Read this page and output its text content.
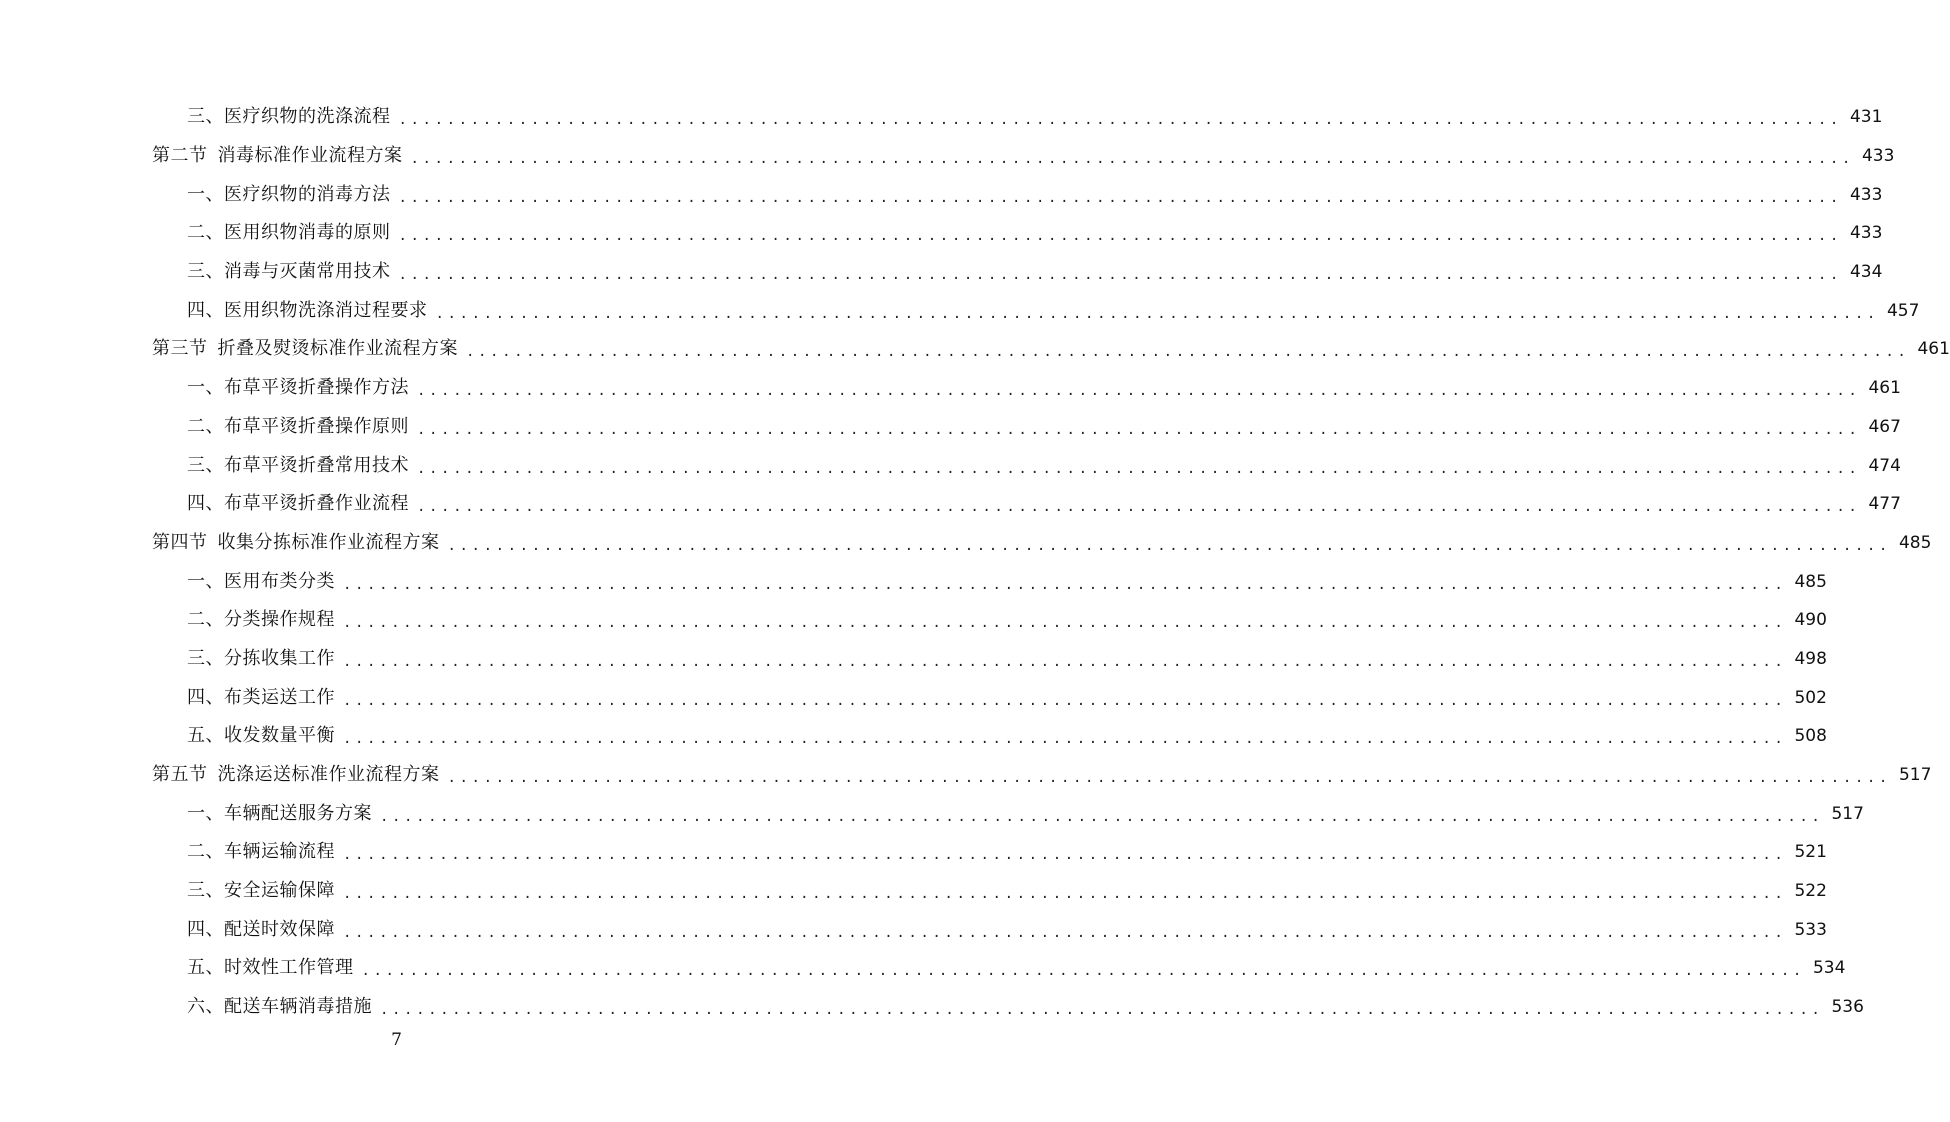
三、医疗织物的洗涤流程 ........................................................................................................................ 431
第二节 消毒标准作业流程方案 ........................................................................................................................ 433
一、医疗织物的消毒方法 ........................................................................................................................ 433
二、医用织物消毒的原则 ........................................................................................................................ 433
三、消毒与灭菌常用技术 ........................................................................................................................ 434
四、医用织物洗涤消过程要求 ........................................................................................................................ 457
第三节 折叠及熨烫标准作业流程方案 ........................................................................................................................ 461
一、布草平烫折叠操作方法 ........................................................................................................................ 461
二、布草平烫折叠操作原则 ........................................................................................................................ 467
三、布草平烫折叠常用技术 ........................................................................................................................ 474
四、布草平烫折叠作业流程 ........................................................................................................................ 477
第四节 收集分拣标准作业流程方案 ........................................................................................................................ 485
一、医用布类分类 ........................................................................................................................ 485
二、分类操作规程 ........................................................................................................................ 490
三、分拣收集工作 ........................................................................................................................ 498
四、布类运送工作 ........................................................................................................................ 502
五、收发数量平衡 ........................................................................................................................ 508
第五节 洗涤运送标准作业流程方案 ........................................................................................................................ 517
一、车辆配送服务方案 ........................................................................................................................ 517
二、车辆运输流程 ........................................................................................................................ 521
三、安全运输保障 ........................................................................................................................ 522
四、配送时效保障 ........................................................................................................................ 533
五、时效性工作管理 ........................................................................................................................ 534
六、配送车辆消毒措施 ........................................................................................................................ 536
7
